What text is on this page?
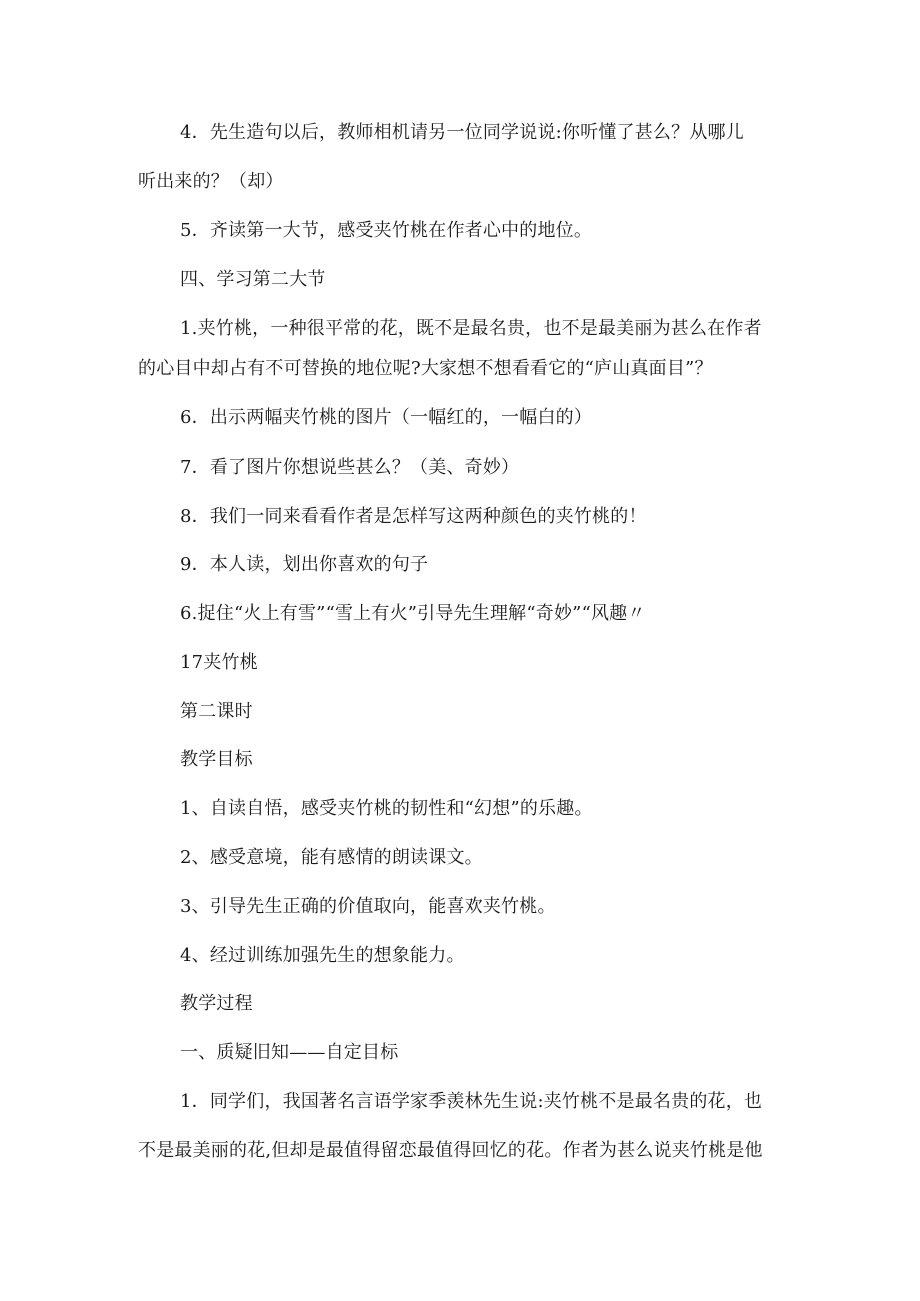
4．先生造句以后，教师相机请另一位同学说说:你听懂了甚么？从哪儿
听出来的？（却）
5．齐读第一大节，感受夹竹桃在作者心中的地位。
四、学习第二大节
1.夹竹桃，一种很平常的花，既不是最名贵，也不是最美丽为甚么在作者
的心目中却占有不可替换的地位呢?大家想不想看看它的“庐山真面目”？
6．出示两幅夹竹桃的图片（一幅红的，一幅白的）
7．看了图片你想说些甚么？（美、奇妙）
8．我们一同来看看作者是怎样写这两种颜色的夹竹桃的！
9．本人读，划出你喜欢的句子
6.捉住“火上有雪”“雪上有火”引导先生理解“奇妙”“风趣〃
17夹竹桃
第二课时
教学目标
1、自读自悟，感受夹竹桃的韧性和“幻想”的乐趣。
2、感受意境，能有感情的朗读课文。
3、引导先生正确的价值取向，能喜欢夹竹桃。
4、经过训练加强先生的想象能力。
教学过程
一、质疑旧知——自定目标
1．同学们，我国著名言语学家季羡林先生说:夹竹桃不是最名贵的花，也
不是最美丽的花,但却是最值得留恋最值得回忆的花。作者为甚么说夹竹桃是他
